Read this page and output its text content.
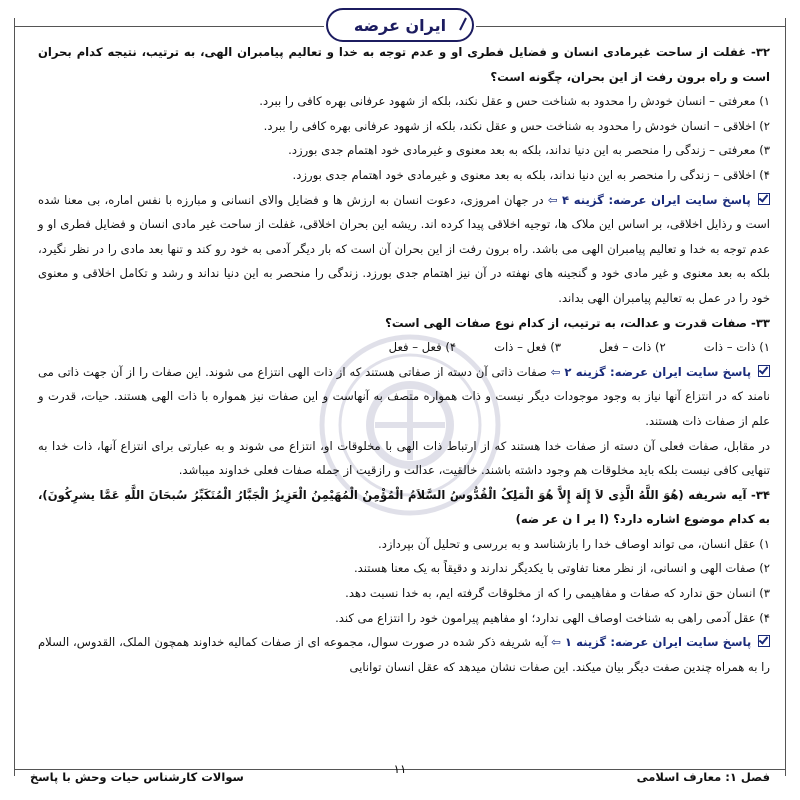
ایران عرضه
۳۲- غفلت از ساحت غیرمادی انسان و فضایل فطری او و عدم توجه به خدا و تعالیم پیامبران الهی، به ترتیب، نتیجه کدام بحران است و راه برون رفت از این بحران، چگونه است؟
۱) معرفتی – انسان خودش را محدود به شناخت حس و عقل نکند، بلکه از شهود عرفانی بهره کافی را ببرد.
۲) اخلاقی – انسان خودش را محدود به شناخت حس و عقل نکند، بلکه از شهود عرفانی بهره کافی را ببرد.
۳) معرفتی – زندگی را منحصر به این دنیا نداند، بلکه به بعد معنوی و غیرمادی خود اهتمام جدی بورزد.
۴) اخلاقی – زندگی را منحصر به این دنیا نداند، بلکه به بعد معنوی و غیرمادی خود اهتمام جدی بورزد.
پاسخ سایت ایران عرضه: گزینه ۴ ⇦ در جهان امروزی، دعوت انسان به ارزش ها و فضایل والای انسانی و مبارزه با نفس اماره، بی معنا شده است و رذایل اخلاقی، بر اساس این ملاک ها، توجیه اخلاقی پیدا کرده اند. ریشه این بحران اخلاقی، غفلت از ساحت غیر مادی انسان و فضایل فطری او و عدم توجه به خدا و تعالیم پیامبران الهی می باشد. راه برون رفت از این بحران آن است که بار دیگر آدمی به خود رو کند و تنها بعد مادی را در نظر نگیرد، بلکه به بعد معنوی و غیر مادی خود و گنجینه های نهفته در آن نیز اهتمام جدی بورزد. زندگی را منحصر به این دنیا نداند و رشد و تکامل اخلاقی و معنوی خود را در عمل به تعالیم پیامبران الهی بداند.
۳۳- صفات قدرت و عدالت، به ترتیب، از کدام نوع صفات الهی است؟
۱) ذات – ذات
۲) ذات – فعل
۳) فعل – ذات
۴) فعل – فعل
پاسخ سایت ایران عرضه: گزینه ۲ ⇦ صفات ذاتی آن دسته از صفاتی هستند که از ذات الهی انتزاع می شوند. این صفات را از آن جهت ذاتی می نامند که در انتزاع آنها نیاز به وجود موجودات دیگر نیست و ذات همواره متصف به آنهاست و این صفات نیز همواره با ذات الهی هستند. حیات، قدرت و علم از صفات ذات هستند.
در مقابل، صفات فعلی آن دسته از صفات خدا هستند که از ارتباط ذات الهی با مخلوقات او، انتزاع می شوند و به عبارتی برای انتزاع آنها، ذات خدا به تنهایی کافی نیست بلکه باید مخلوقات هم وجود داشته باشند. خالقیت، عدالت و رازقیت از جمله صفات فعلی خداوند میباشد.
۳۴- آیه شریفه (هُوَ اللَّهُ الَّذِی لاَ إِلَهَ إِلاَّ هُوَ الْمَلِکُ الْقُدُّوسُ السَّلاَمُ الْمُؤْمِنُ الْمُهَیْمِنُ الْعَزِیزُ الْجَبَّارُ الْمُتَکَبِّرُ سُبحَانَ اللَّهِ عَمَّا یشرِکُونَ)، به کدام موضوع اشاره دارد؟ (ا یر ا ن عر ضه)
۱) عقل انسان، می تواند اوصاف خدا را بازشناسد و به بررسی و تحلیل آن بپردازد.
۲) صفات الهی و انسانی، از نظر معنا تفاوتی با یکدیگر ندارند و دقیقاً به یک معنا هستند.
۳) انسان حق ندارد که صفات و مفاهیمی را که از مخلوقات گرفته ایم، به خدا نسبت دهد.
۴) عقل آدمی راهی به شناخت اوصاف الهی ندارد؛ او مفاهیم پیرامون خود را انتزاع می کند.
پاسخ سایت ایران عرضه: گزینه ۱ ⇦ آیه شریفه ذکر شده در صورت سوال، مجموعه ای از صفات کمالیه خداوند همچون الملک، القدوس، السلام را به همراه چندین صفت دیگر بیان میکند. این صفات نشان میدهد که عقل انسان توانایی
فصل ۱: معارف اسلامی
۱۱
سوالات کارشناس حیات وحش با پاسخ
